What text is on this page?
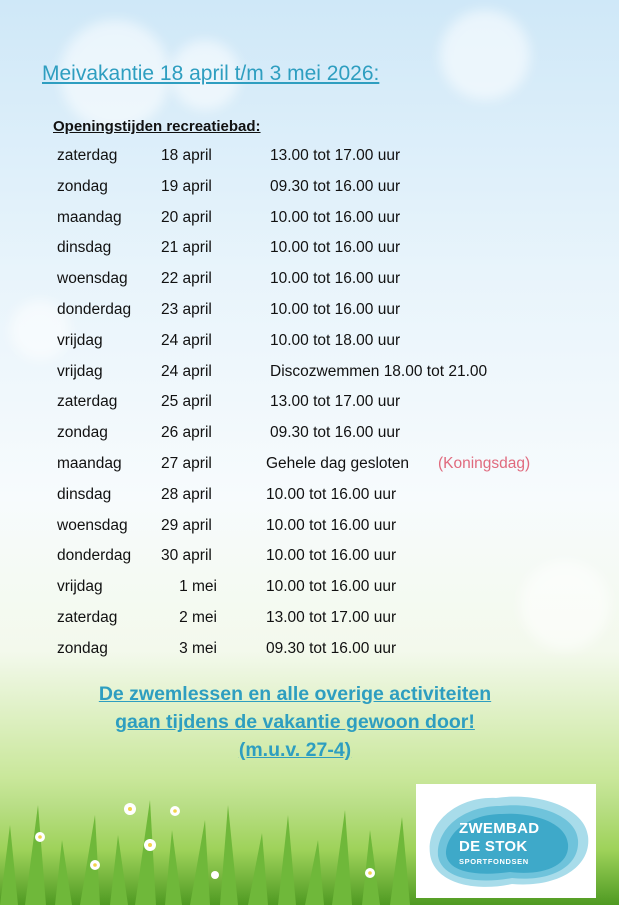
Meivakantie 18 april t/m 3 mei 2026:
Openingstijden recreatiebad:
zaterdag	18 april	13.00 tot 17.00 uur
zondag	19 april	09.30 tot 16.00 uur
maandag	20 april	10.00 tot 16.00 uur
dinsdag	21 april	10.00 tot 16.00 uur
woensdag 22 april	10.00 tot 16.00 uur
donderdag 23 april	10.00 tot 16.00 uur
vrijdag	24 april	10.00 tot 18.00 uur
vrijdag	24 april	Discozwemmen 18.00 tot 21.00
zaterdag	25 april	13.00 tot 17.00 uur
zondag	26 april	09.30 tot 16.00 uur
maandag	27 april	Gehele dag gesloten (Koningsdag)
dinsdag	28 april	10.00 tot 16.00 uur
woensdag 29 april	10.00 tot 16.00 uur
donderdag 30 april	10.00 tot 16.00 uur
vrijdag	1 mei	10.00 tot 16.00 uur
zaterdag	2 mei	13.00 tot 17.00 uur
zondag	3 mei	09.30 tot 16.00 uur
De zwemlessen en alle overige activiteiten
gaan tijdens de vakantie gewoon door!
(m.u.v. 27-4)
ZWEMBAD
DE STOK
SPORTFONDSEN
